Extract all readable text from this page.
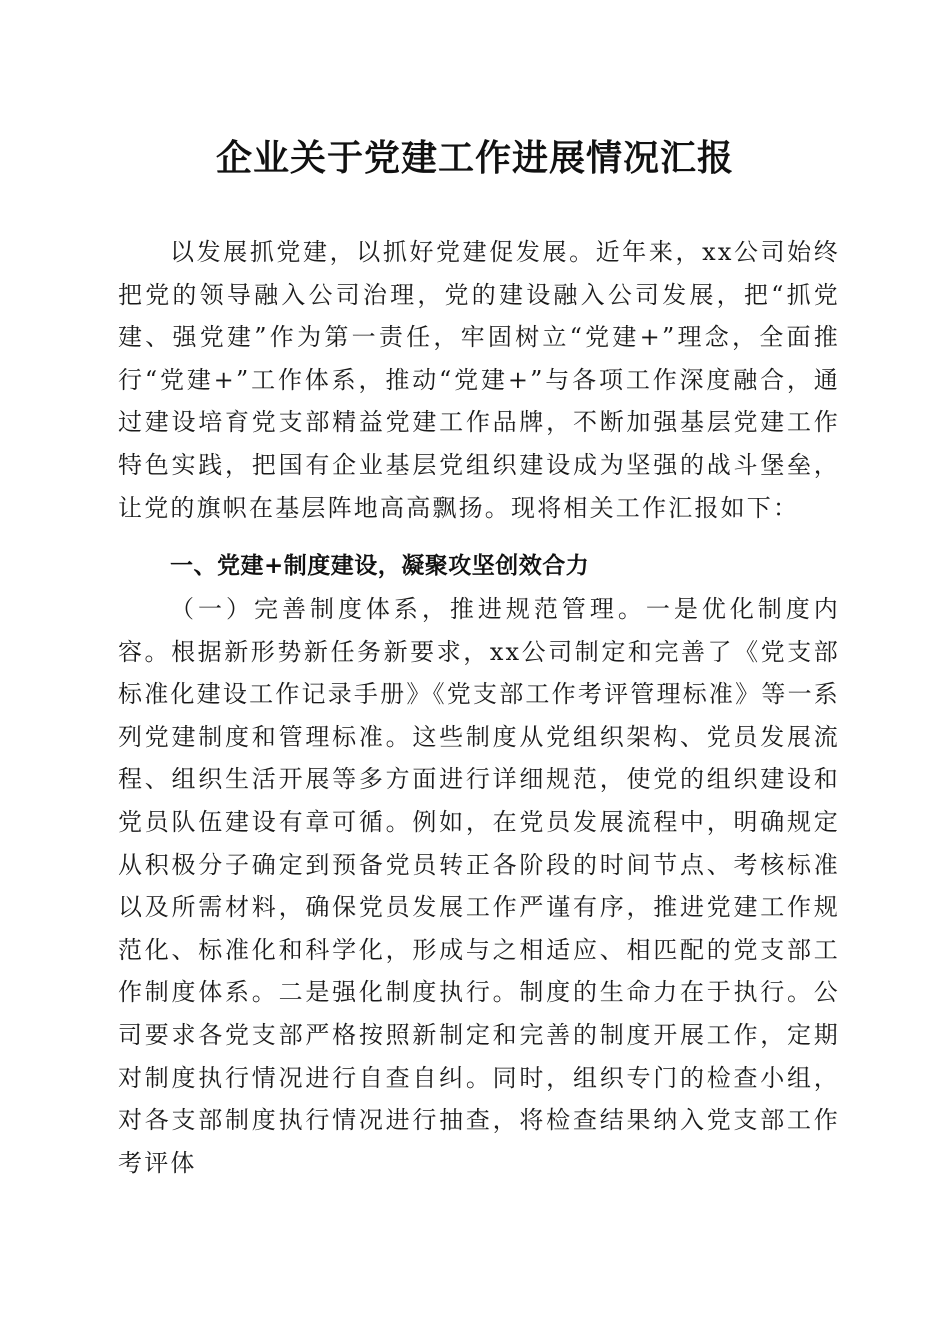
企业关于党建工作进展情况汇报

以发展抓党建，以抓好党建促发展。近年来，xx公司始终把党的领导融入公司治理，党的建设融入公司发展，把“抓党建、强党建”作为第一责任，牢固树立“党建+”理念，全面推行“党建+”工作体系，推动“党建+”与各项工作深度融合，通过建设培育党支部精益党建工作品牌，不断加强基层党建工作特色实践，把国有企业基层党组织建设成为坚强的战斗堡垒，让党的旗帜在基层阵地高高飘扬。现将相关工作汇报如下：

一、党建+制度建设，凝聚攻坚创效合力

（一）完善制度体系，推进规范管理。一是优化制度内容。根据新形势新任务新要求，xx公司制定和完善了《党支部标准化建设工作记录手册》《党支部工作考评管理标准》等一系列党建制度和管理标准。这些制度从党组织架构、党员发展流程、组织生活开展等多方面进行详细规范，使党的组织建设和党员队伍建设有章可循。例如，在党员发展流程中，明确规定从积极分子确定到预备党员转正各阶段的时间节点、考核标准以及所需材料，确保党员发展工作严谨有序，推进党建工作规范化、标准化和科学化，形成与之相适应、相匹配的党支部工作制度体系。二是强化制度执行。制度的生命力在于执行。公司要求各党支部严格按照新制定和完善的制度开展工作，定期对制度执行情况进行自查自纠。同时，组织专门的检查小组，对各支部制度执行情况进行抽查，将检查结果纳入党支部工作考评体
